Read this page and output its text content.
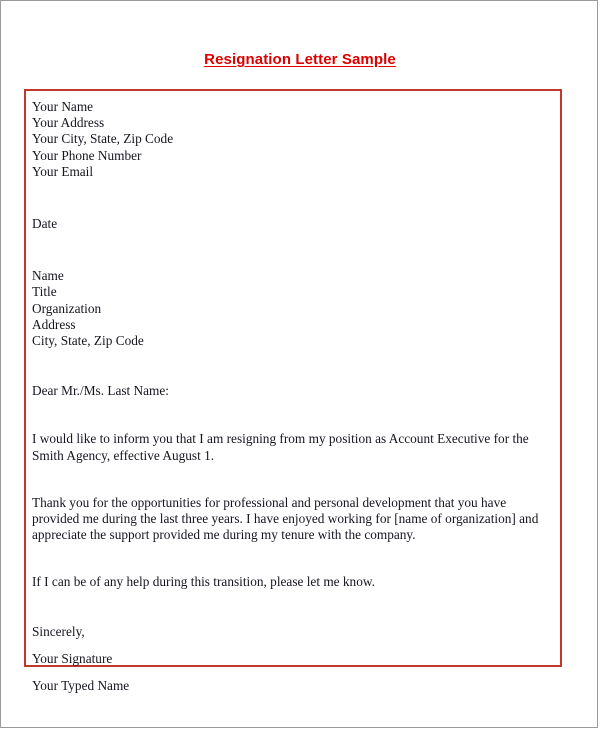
Resignation Letter Sample
Your Name
Your Address
Your City, State, Zip Code
Your Phone Number
Your Email
Date
Name
Title
Organization
Address
City, State, Zip Code
Dear Mr./Ms. Last Name:

I would like to inform you that I am resigning from my position as Account Executive for the Smith Agency, effective August 1.

Thank you for the opportunities for professional and personal development that you have provided me during the last three years. I have enjoyed working for [name of organization] and appreciate the support provided me during my tenure with the company.

If I can be of any help during this transition, please let me know.

Sincerely,
Your Signature
Your Typed Name
